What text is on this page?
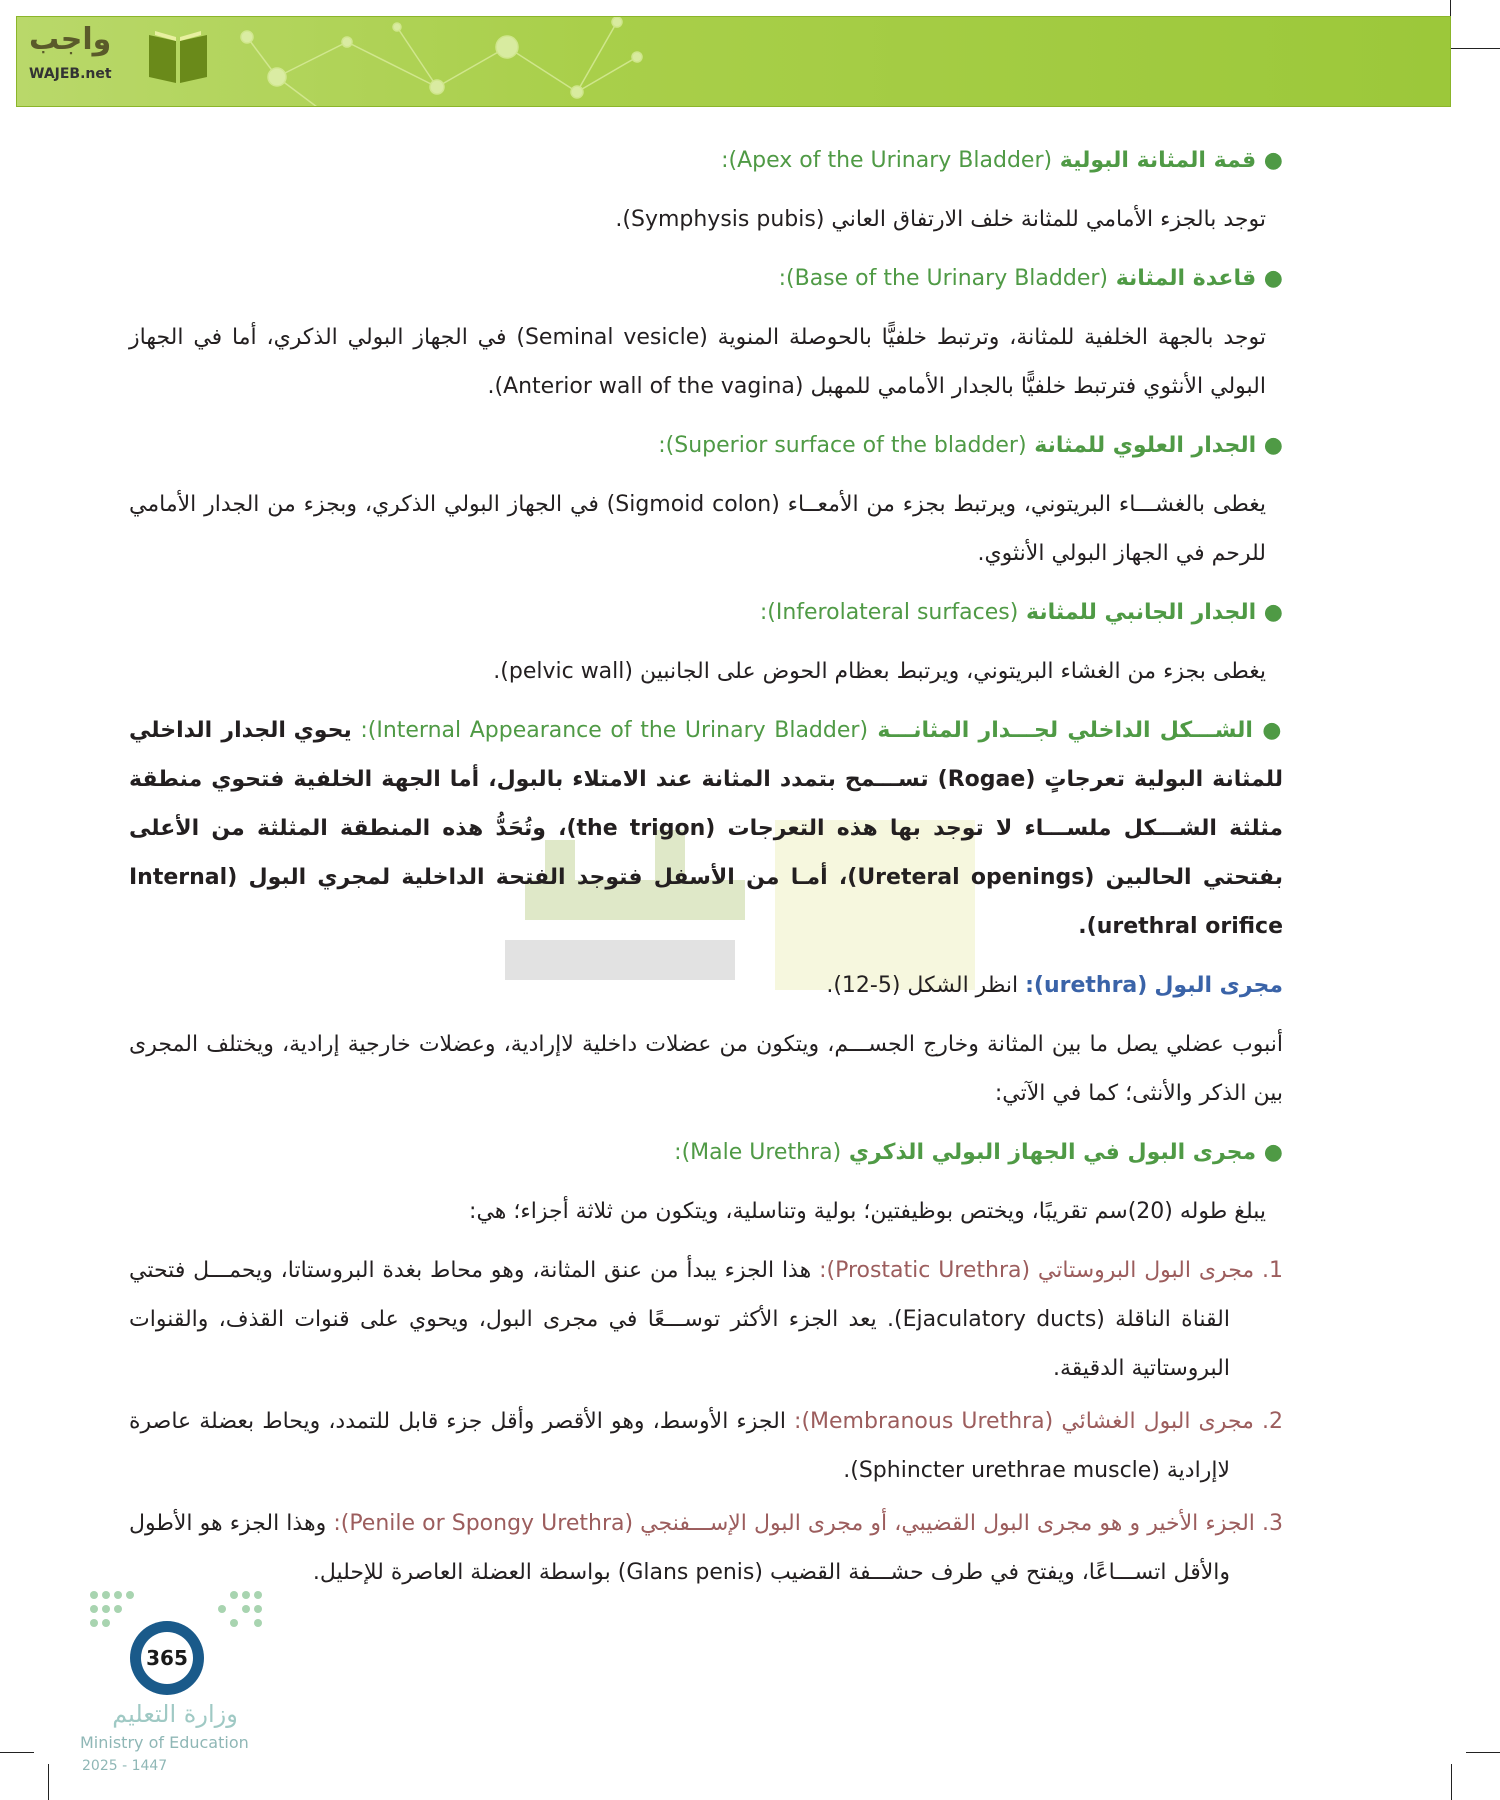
واجب
WAJEB.net
● قمة المثانة البولية (Apex of the Urinary Bladder):
توجد بالجزء الأمامي للمثانة خلف الارتفاق العاني (Symphysis pubis).
● قاعدة المثانة (Base of the Urinary Bladder):
توجد بالجهة الخلفية للمثانة، وترتبط خلفيًّا بالحوصلة المنوية (Seminal vesicle) في الجهاز البولي الذكري، أما في الجهاز البولي الأنثوي فترتبط خلفيًّا بالجدار الأمامي للمهبل (Anterior wall of the vagina).
● الجدار العلوي للمثانة (Superior surface of the bladder):
يغطى بالغشـــاء البريتوني، ويرتبط بجزء من الأمعــاء (Sigmoid colon) في الجهاز البولي الذكري، وبجزء من الجدار الأمامي للرحم في الجهاز البولي الأنثوي.
● الجدار الجانبي للمثانة (Inferolateral surfaces):
يغطى بجزء من الغشاء البريتوني، ويرتبط بعظام الحوض على الجانبين (pelvic wall).
● الشـــكل الداخلي لجـــدار المثانـــة (Internal Appearance of the Urinary Bladder): يحوي الجدار الداخلي للمثانة البولية تعرجاتٍ (Rogae) تســـمح بتمدد المثانة عند الامتلاء بالبول، أما الجهة الخلفية فتحوي منطقة مثلثة الشـــكل ملســـاء لا توجد بها هذه التعرجات (the trigon)، وتُحَدُّ هذه المنطقة المثلثة من الأعلى بفتحتي الحالبين (Ureteral openings)، أمـا من الأسفل فتوجد الفتحة الداخلية لمجري البول (Internal urethral orifice).
مجرى البول (urethra): انظر الشكل (5-12).
أنبوب عضلي يصل ما بين المثانة وخارج الجســـم، ويتكون من عضلات داخلية لاإرادية، وعضلات خارجية إرادية، ويختلف المجرى بين الذكر والأنثى؛ كما في الآتي:
● مجرى البول في الجهاز البولي الذكري (Male Urethra):
يبلغ طوله (20)سم تقريبًا، ويختص بوظيفتين؛ بولية وتناسلية، ويتكون من ثلاثة أجزاء؛ هي:
1. مجرى البول البروستاتي (Prostatic Urethra): هذا الجزء يبدأ من عنق المثانة، وهو محاط بغدة البروستاتا، ويحمـــل فتحتي القناة الناقلة (Ejaculatory ducts). يعد الجزء الأكثر توســـعًا في مجرى البول، ويحوي على قنوات القذف، والقنوات البروستاتية الدقيقة.
2. مجرى البول الغشائي (Membranous Urethra): الجزء الأوسط، وهو الأقصر وأقل جزء قابل للتمدد، ويحاط بعضلة عاصرة لاإرادية (Sphincter urethrae muscle).
3. الجزء الأخير و هو مجرى البول القضيبي، أو مجرى البول الإســـفنجي (Penile or Spongy Urethra): وهذا الجزء هو الأطول والأقل اتســـاعًا، ويفتح في طرف حشـــفة القضيب (Glans penis) بواسطة العضلة العاصرة للإحليل.
365
وزارة التعليم
Ministry of Education
2025 - 1447
